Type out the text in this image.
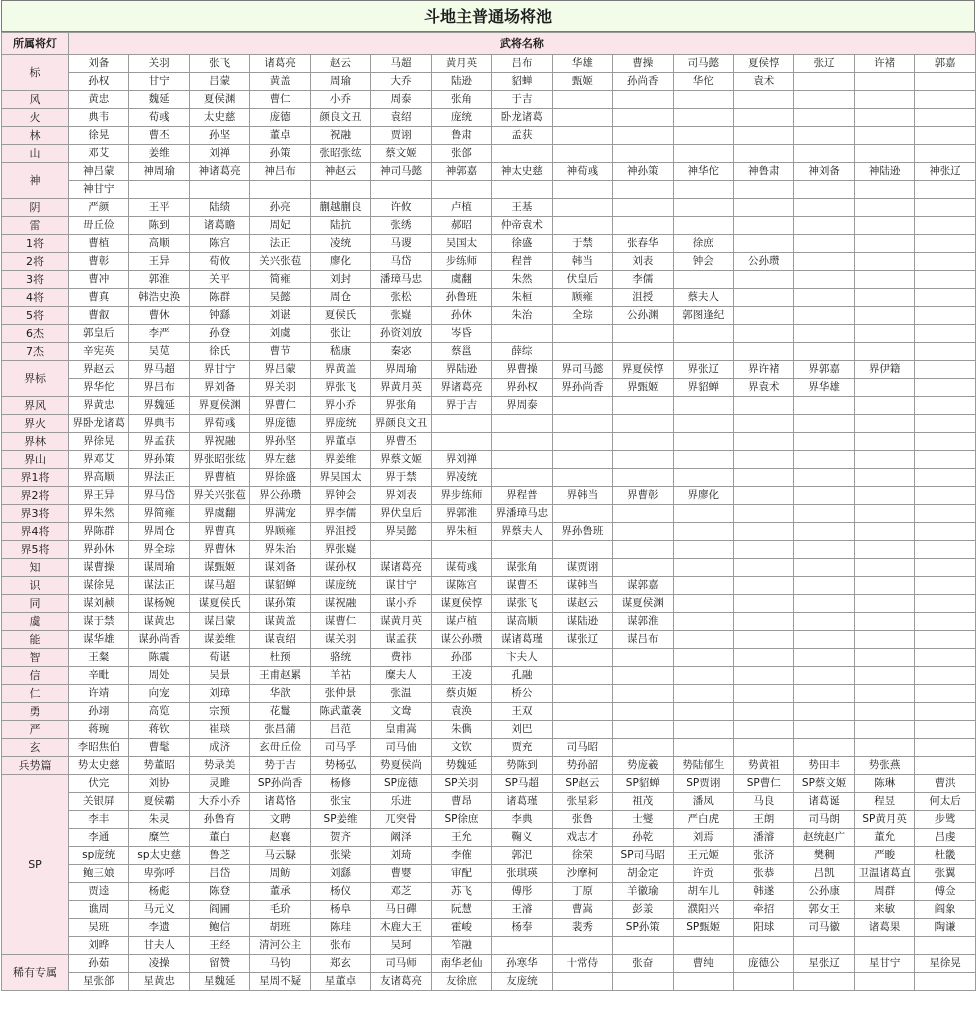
斗地主普通场将池
所属将灯	武将名称														
标	刘备	关羽	张飞	诸葛亮	赵云	马超	黄月英	吕布	华雄	曹操	司马懿	夏侯惇	张辽	许褚	郭嘉
	孙权	甘宁	吕蒙	黄盖	周瑜	大乔	陆逊	貂蝉	甄姬	孙尚香	华佗	袁术			
风	黄忠	魏延	夏侯渊	曹仁	小乔	周泰	张角	于吉							
火	典韦	荀彧	太史慈	庞德	颜良文丑	袁绍	庞统	卧龙诸葛							
林	徐晃	曹丕	孙坚	董卓	祝融	贾诩	鲁肃	孟获							
山	邓艾	姜维	刘禅	孙策	张昭张纮	蔡文姬	张郃								
神	神吕蒙	神周瑜	神诸葛亮	神吕布	神赵云	神司马懿	神郭嘉	神太史慈	神荀彧	神孙策	神华佗	神鲁肃	神刘备	神陆逊	神张辽
	神甘宁														
阴	严颜	王平	陆绩	孙亮	蒯越蒯良	许攸	卢植	王基							
雷	毌丘俭	陈到	诸葛瞻	周妃	陆抗	张绣	郝昭	仲帝袁术							
1将	曹植	高顺	陈宫	法正	凌统	马谡	吴国太	徐盛	于禁	张春华	徐庶				
2将	曹彰	王异	荀攸	关兴张苞	廖化	马岱	步练师	程普	韩当	刘表	钟会	公孙瓒			
3将	曹冲	郭淮	关平	简雍	刘封	潘璋马忠	虞翻	朱然	伏皇后	李儒					
4将	曹真	韩浩史涣	陈群	吴懿	周仓	张松	孙鲁班	朱桓	顾雍	沮授	蔡夫人				
5将	曹叡	曹休	钟繇	刘谌	夏侯氏	张嶷	孙休	朱治	全琮	公孙渊	郭图逢纪				
6杰	郭皇后	李严	孙登	刘虞	张让	孙资刘放	岑昏								
7杰	辛宪英	吴苋	徐氏	曹节	嵇康	秦宓	蔡邕	薛综							
界标	界赵云	界马超	界甘宁	界吕蒙	界黄盖	界周瑜	界陆逊	界曹操	界司马懿	界夏侯惇	界张辽	界许褚	界郭嘉	界伊籍	
	界华佗	界吕布	界刘备	界关羽	界张飞	界黄月英	界诸葛亮	界孙权	界孙尚香	界甄姬	界貂蝉	界袁术	界华雄		
界风	界黄忠	界魏延	界夏侯渊	界曹仁	界小乔	界张角	界于吉	界周泰							
界火	界卧龙诸葛	界典韦	界荀彧	界庞德	界庞统	界颜良文丑									
界林	界徐晃	界孟获	界祝融	界孙坚	界董卓	界曹丕									
界山	界邓艾	界孙策	界张昭张纮	界左慈	界姜维	界蔡文姬	界刘禅								
界1将	界高顺	界法正	界曹植	界徐盛	界吴国太	界于禁	界凌统								
界2将	界王异	界马岱	界关兴张苞	界公孙瓒	界钟会	界刘表	界步练师	界程普	界韩当	界曹彰	界廖化				
界3将	界朱然	界简雍	界虞翻	界满宠	界李儒	界伏皇后	界郭淮	界潘璋马忠							
界4将	界陈群	界周仓	界曹真	界顾雍	界沮授	界吴懿	界朱桓	界蔡夫人	界孙鲁班						
界5将	界孙休	界全琮	界曹休	界朱治	界张嶷										
知	谋曹操	谋周瑜	谋甄姬	谋刘备	谋孙权	谋诸葛亮	谋荀彧	谋张角	谋贾诩						
识	谋徐晃	谋法正	谋马超	谋貂蝉	谋庞统	谋甘宁	谋陈宫	谋曹丕	谋韩当	谋郭嘉					
同	谋刘赪	谋杨婉	谋夏侯氏	谋孙策	谋祝融	谋小乔	谋夏侯惇	谋张飞	谋赵云	谋夏侯渊					
虞	谋于禁	谋黄忠	谋吕蒙	谋黄盖	谋曹仁	谋黄月英	谋卢植	谋高顺	谋陆逊	谋郭淮					
能	谋华雄	谋孙尚香	谋姜维	谋袁绍	谋关羽	谋孟获	谋公孙瓒	谋诸葛瑾	谋张辽	谋吕布					
智	王粲	陈震	荀谌	杜预	骆统	费祎	孙邵	卞夫人							
信	辛毗	周处	吴景	王甫赵累	羊祜	糜夫人	王凌	孔融							
仁	许靖	向宠	刘璋	华歆	张仲景	张温	蔡贞姬	桥公							
勇	孙翊	高览	宗预	花鬘	陈武董袭	文鸯	袁涣	王双							
严	蒋琬	蒋钦	崔琰	张昌蒲	吕范	皇甫嵩	朱儁	刘巴							
玄	李昭焦伯	曹髦	成济	玄毌丘俭	司马孚	司马伷	文钦	贾充	司马昭						
兵势篇	势太史慈	势董昭	势录美	势于吉	势杨弘	势夏侯尚	势魏延	势陈到	势孙韶	势庞羲	势陆郁生	势黄祖	势田丰	势张燕	
SP	伏完	刘协	灵雎	SP孙尚香	杨修	SP庞德	SP关羽	SP马超	SP赵云	SP貂蝉	SP贾诩	SP曹仁	SP蔡文姬	陈琳	曹洪
	关银屏	夏侯霸	大乔小乔	诸葛恪	张宝	乐进	曹昂	诸葛瑾	张星彩	祖茂	潘凤	马良	诸葛诞	程昱	何太后
	李丰	朱灵	孙鲁育	文聘	SP姜维	兀突骨	SP徐庶	李典	张鲁	士燮	严白虎	王朗	司马朗	SP黄月英	步骘
	李通	糜竺	董白	赵襄	贺齐	阚泽	王允	鞠义	戏志才	孙乾	刘焉	潘濬	赵统赵广	董允	吕虔
	sp庞统	sp太史慈	鲁芝	马云騄	张梁	刘琦	李傕	郭汜	徐荣	SP司马昭	王元姬	张济	樊稠	严畯	杜畿
	鲍三娘	卑弥呼	吕岱	周鲂	刘繇	曹婴	审配	张琪瑛	沙摩柯	胡金定	许贡	张恭	吕凯	卫温诸葛直	张翼
	贾逵	杨彪	陈登	董承	杨仪	邓芝	苏飞	傅彤	丁原	羊徽瑜	胡车儿	韩遂	公孙康	周群	傅佥
	谯周	马元义	阎圃	毛玠	杨阜	马日磾	阮慧	王濬	曹嵩	彭羕	濮阳兴	牵招	郭女王	来敏	阎象
	吴班	李遗	鲍信	胡班	陈珪	木鹿大王	霍峻	杨奉	裴秀	SP孙策	SP甄姬	阳球	司马徽	诸葛果	陶谦
	刘晔	甘夫人	王经	清河公主	张布	吴珂	笮融								
稀有专属	孙茹	凌操	留赞	马钧	郑玄	司马师	南华老仙	孙寒华	十常侍	张奋	曹纯	庞德公	星张辽	星甘宁	星徐晃
	星张郃	星黄忠	星魏延	星周不疑	星董卓	友诸葛亮	友徐庶	友庞统							
